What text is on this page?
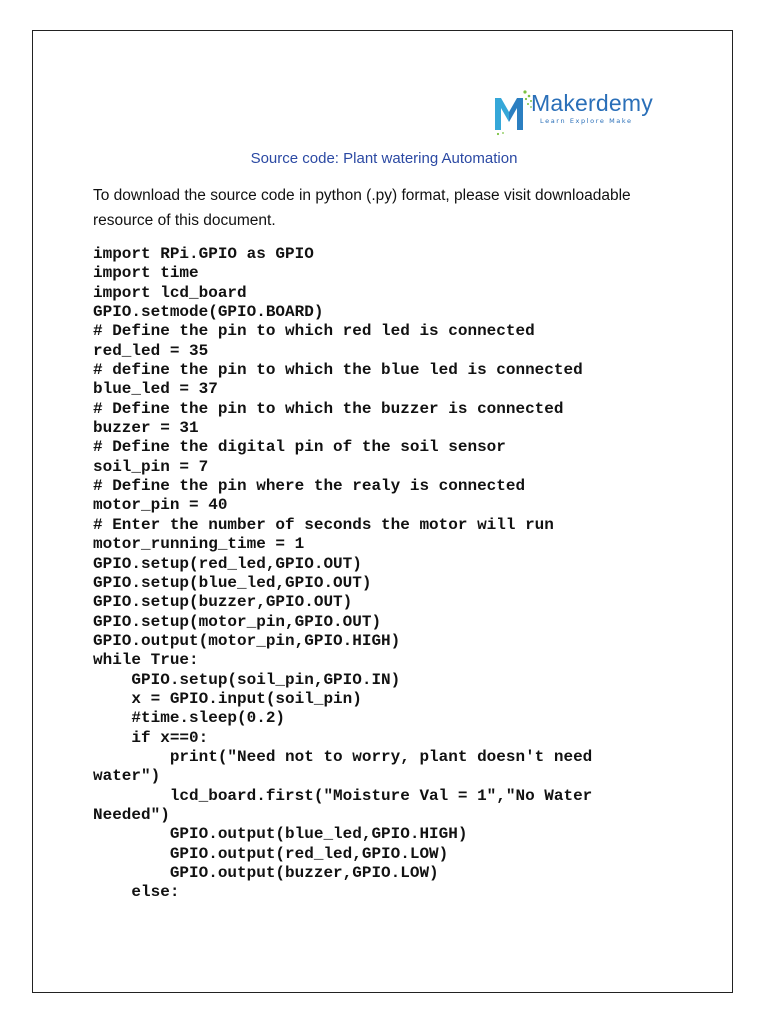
Makerdemy
Learn Explore Make
Source code: Plant watering Automation
To download the source code in python (.py) format, please visit downloadable resource of this document.
import RPi.GPIO as GPIO
import time
import lcd_board
GPIO.setmode(GPIO.BOARD)
# Define the pin to which red led is connected
red_led = 35
# define the pin to which the blue led is connected
blue_led = 37
# Define the pin to which the buzzer is connected
buzzer = 31
# Define the digital pin of the soil sensor
soil_pin = 7
# Define the pin where the realy is connected
motor_pin = 40
# Enter the number of seconds the motor will run
motor_running_time = 1
GPIO.setup(red_led,GPIO.OUT)
GPIO.setup(blue_led,GPIO.OUT)
GPIO.setup(buzzer,GPIO.OUT)
GPIO.setup(motor_pin,GPIO.OUT)
GPIO.output(motor_pin,GPIO.HIGH)
while True:
GPIO.setup(soil_pin,GPIO.IN)
x = GPIO.input(soil_pin)
#time.sleep(0.2)
if x==0:
print("Need not to worry, plant doesn't need
water")
lcd_board.first("Moisture Val = 1","No Water
Needed")
GPIO.output(blue_led,GPIO.HIGH)
GPIO.output(red_led,GPIO.LOW)
GPIO.output(buzzer,GPIO.LOW)
else:
